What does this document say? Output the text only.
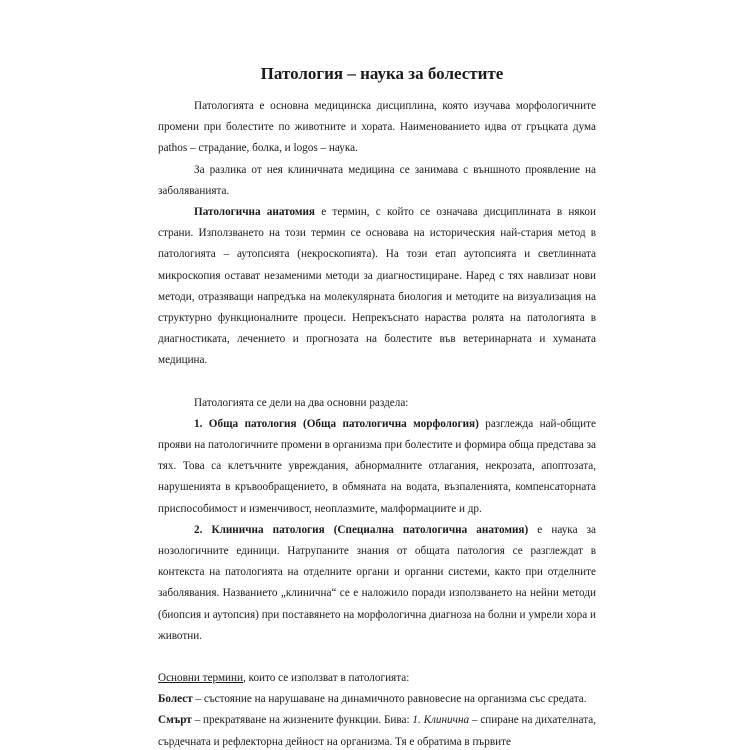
Патология – наука за болестите

Патологията е основна медицинска дисциплина, която изучава морфологичните промени при болестите по животните и хората. Наименованието идва от гръцката дума pathos – страдание, болка, и logos – наука.

За разлика от нея клиничната медицина се занимава с външното проявление на заболяванията.

Патологична анатомия е термин, с който се означава дисциплината в някои страни. Използването на този термин се основава на историческия най-стария метод в патологията – аутопсията (некроскопията). На този етап аутопсията и светлинната микроскопия остават незаменими методи за диагностициране. Наред с тях навлизат нови методи, отразяващи напредъка на молекулярната биология и методите на визуализация на структурно функционалните процеси. Непрекъснато нараства ролята на патологията в диагностиката, лечението и прогнозата на болестите във ветеринарната и хуманата медицина.

Патологията се дели на два основни раздела:

1. Обща патология (Обща патологична морфология) разглежда най-общите прояви на патологичните промени в организма при болестите и формира обща представа за тях. Това са клетъчните увреждания, абнормалните отлагания, некрозата, апоптозата, нарушенията в кръвообращението, в обмяната на водата, възпаленията, компенсаторната приспособимост и изменчивост, неоплазмите, малформациите и др.

2. Клинична патология (Специална патологична анатомия) е наука за нозологичните единици. Натрупаните знания от общата патология се разглеждат в контекста на патологията на отделните органи и органни системи, както при отделните заболявания. Названието „клинична“ се е наложило поради използването на нейни методи (биопсия и аутопсия) при поставянето на морфологична диагноза на болни и умрели хора и животни.

Основни термини, които се използват в патологията:

Болест – състояние на нарушаване на динамичното равновесие на организма със средата.

Смърт – прекратяване на жизнените функции. Бива: 1. Клинична – спиране на дихателната, сърдечната и рефлекторна дейност на организма. Тя е обратима в първите
